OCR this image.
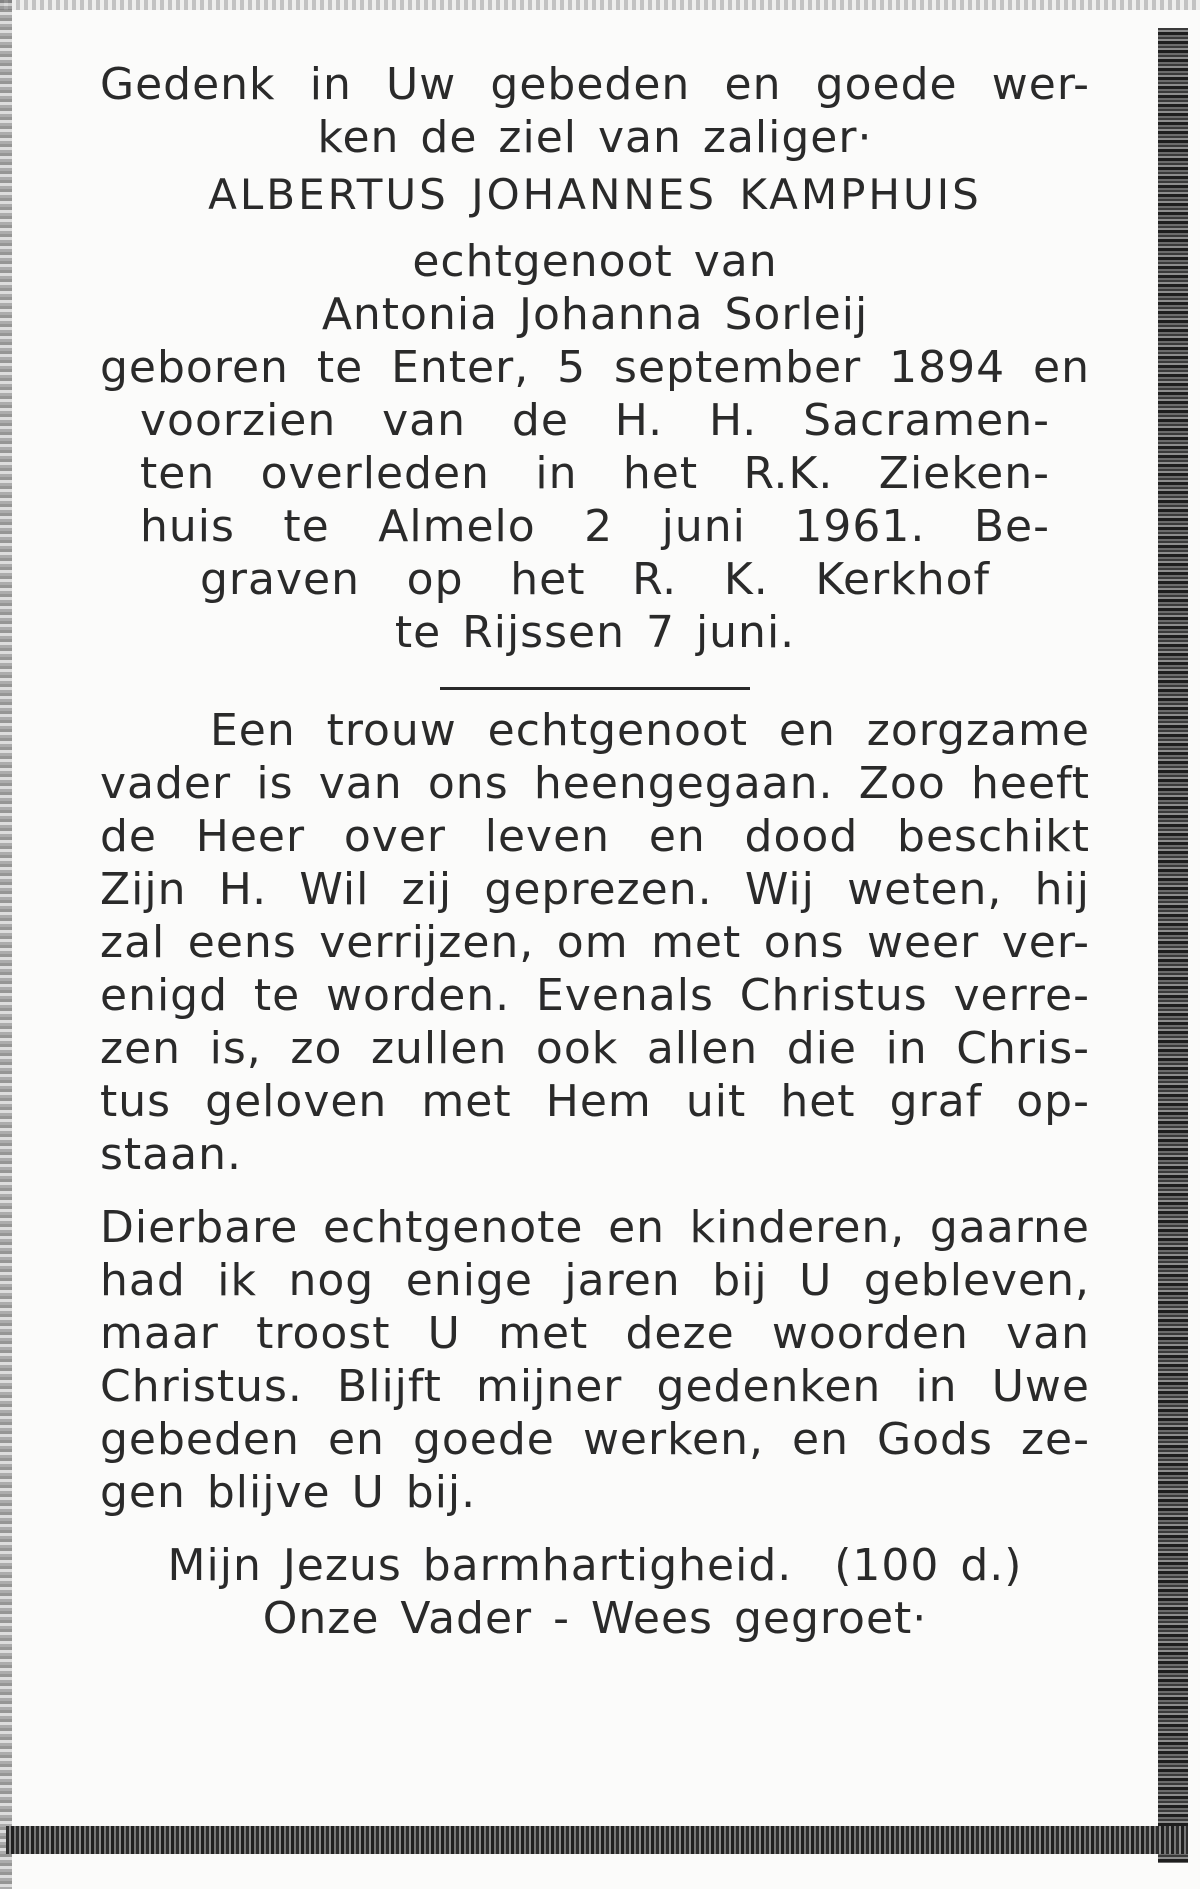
Gedenk in Uw gebeden en goede wer-
ken de ziel van zaliger·
ALBERTUS JOHANNES KAMPHUIS
echtgenoot van
Antonia Johanna Sorleij
geboren te Enter, 5 september 1894 en
voorzien van de H. H. Sacramen-
ten overleden in het R.K. Zieken-
huis te Almelo 2 juni 1961. Be-
graven op het R. K. Kerkhof
te Rijssen 7 juni.
Een trouw echtgenoot en zorgzame
vader is van ons heengegaan. Zoo heeft
de Heer over leven en dood beschikt
Zijn H. Wil zij geprezen. Wij weten, hij
zal eens verrijzen, om met ons weer ver-
enigd te worden. Evenals Christus verre-
zen is, zo zullen ook allen die in Chris-
tus geloven met Hem uit het graf op-
staan.
Dierbare echtgenote en kinderen, gaarne
had ik nog enige jaren bij U gebleven,
maar troost U met deze woorden van
Christus. Blijft mijner gedenken in Uwe
gebeden en goede werken, en Gods ze-
gen blijve U bij.
Mijn Jezus barmhartigheid.  (100 d.)
Onze Vader - Wees gegroet·
